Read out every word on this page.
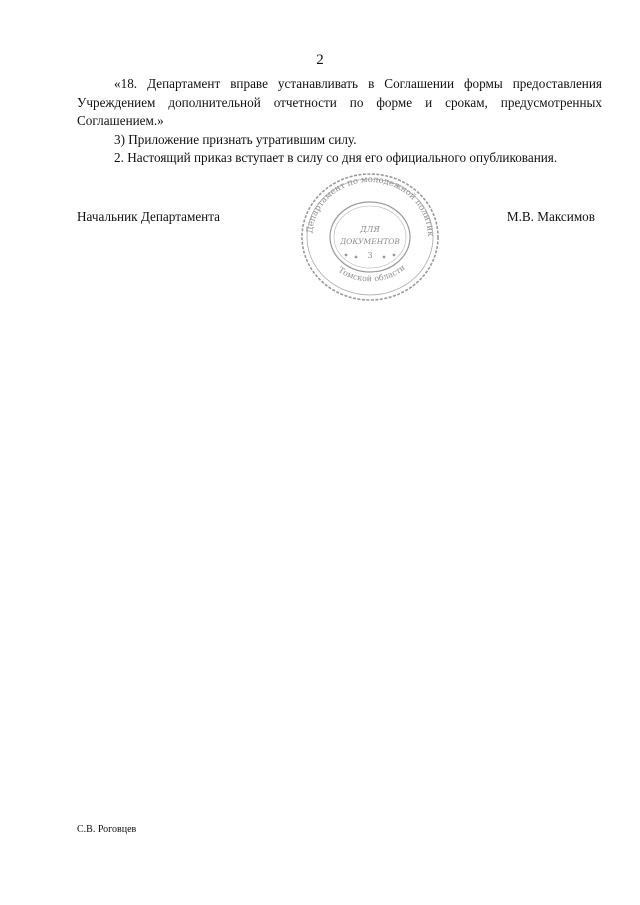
2

«18. Департамент вправе устанавливать в Соглашении формы предоставления Учреждением дополнительной отчетности по форме и срокам, предусмотренных Соглашением.»

3) Приложение признать утратившим силу.

2. Настоящий приказ вступает в силу со дня его официального опубликования.

Начальник Департамента	М.В. Максимов
Департамент по молодежной политик
Томской области
ДЛЯ
ДОКУМЕНТОВ
3
С.В. Роговцев
